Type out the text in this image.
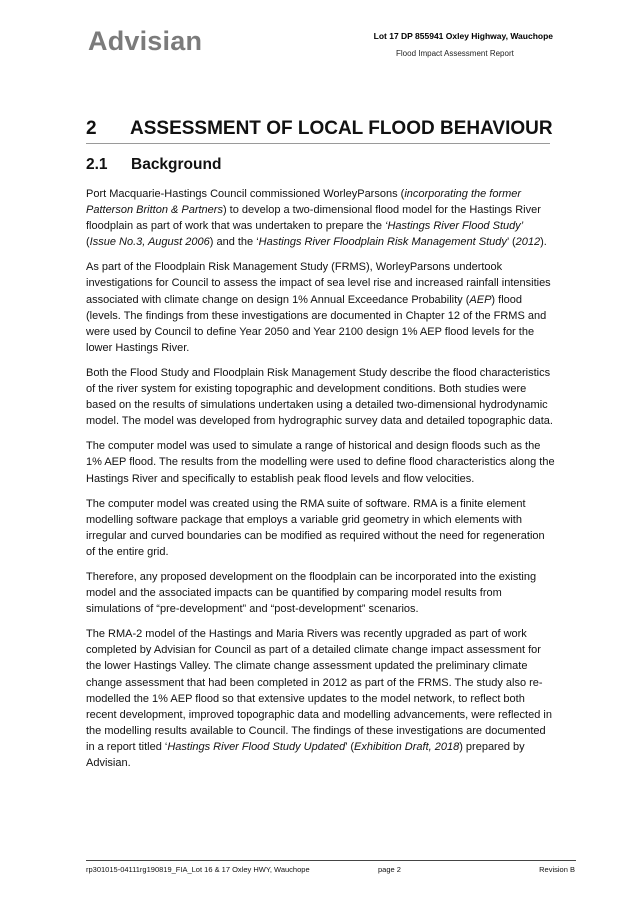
Advisian	Lot 17 DP 855941 Oxley Highway, Wauchope
Flood Impact Assessment Report
2 ASSESSMENT OF LOCAL FLOOD BEHAVIOUR
2.1 Background

Port Macquarie-Hastings Council commissioned WorleyParsons (incorporating the former Patterson Britton & Partners) to develop a two-dimensional flood model for the Hastings River floodplain as part of work that was undertaken to prepare the ‘Hastings River Flood Study’ (Issue No.3, August 2006) and the ‘Hastings River Floodplain Risk Management Study’ (2012).

As part of the Floodplain Risk Management Study (FRMS), WorleyParsons undertook investigations for Council to assess the impact of sea level rise and increased rainfall intensities associated with climate change on design 1% Annual Exceedance Probability (AEP) flood (levels. The findings from these investigations are documented in Chapter 12 of the FRMS and were used by Council to define Year 2050 and Year 2100 design 1% AEP flood levels for the lower Hastings River.

Both the Flood Study and Floodplain Risk Management Study describe the flood characteristics of the river system for existing topographic and development conditions. Both studies were based on the results of simulations undertaken using a detailed two-dimensional hydrodynamic model. The model was developed from hydrographic survey data and detailed topographic data.

The computer model was used to simulate a range of historical and design floods such as the 1% AEP flood. The results from the modelling were used to define flood characteristics along the Hastings River and specifically to establish peak flood levels and flow velocities.

The computer model was created using the RMA suite of software. RMA is a finite element modelling software package that employs a variable grid geometry in which elements with irregular and curved boundaries can be modified as required without the need for regeneration of the entire grid.

Therefore, any proposed development on the floodplain can be incorporated into the existing model and the associated impacts can be quantified by comparing model results from simulations of “pre-development” and “post-development” scenarios.

The RMA-2 model of the Hastings and Maria Rivers was recently upgraded as part of work completed by Advisian for Council as part of a detailed climate change impact assessment for the lower Hastings Valley. The climate change assessment updated the preliminary climate change assessment that had been completed in 2012 as part of the FRMS. The study also re-modelled the 1% AEP flood so that extensive updates to the model network, to reflect both recent development, improved topographic data and modelling advancements, were reflected in the modelling results available to Council. The findings of these investigations are documented in a report titled ‘Hastings River Flood Study Updated’ (Exhibition Draft, 2018) prepared by Advisian.

rp301015-04111rg190819_FIA_Lot 16 & 17 Oxley HWY, Wauchope	page 2	Revision B
